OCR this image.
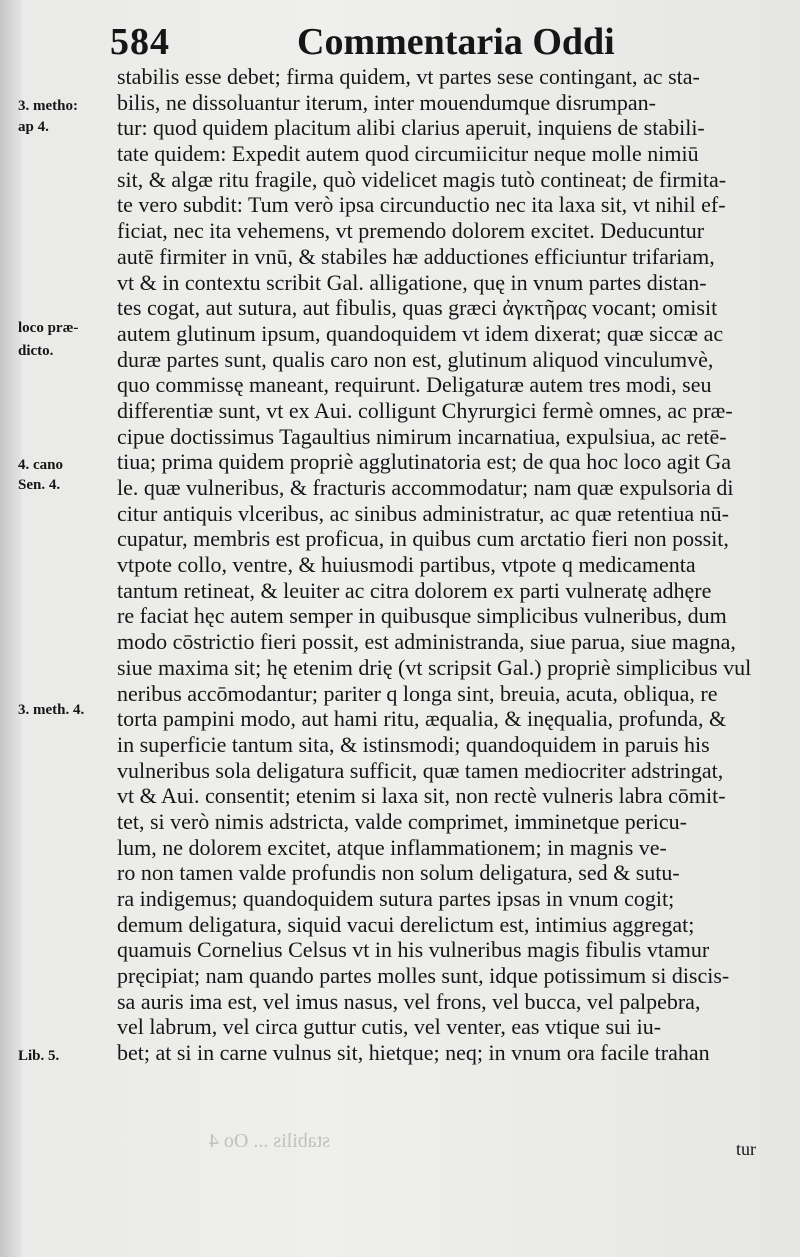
584	Commentaria Oddi
3. metho:
ap 4.
loco præ-
dicto.
4. cano
Sen. 4.
3. meth. 4.
Lib. 5.
stabilis esse debet; firma quidem, vt partes sese contingant, ac sta-
bilis, ne dissoluantur iterum, inter mouendumque disrumpan-
tur: quod quidem placitum alibi clarius aperuit, inquiens de stabili-
tate quidem: Expedit autem quod circumiicitur neque molle nimiū
sit, & algæ ritu fragile, quò videlicet magis tutò contineat; de firmita-
te vero subdit: Tum verò ipsa circunductio nec ita laxa sit, vt nihil ef-
ficiat, nec ita vehemens, vt premendo dolorem excitet. Deducuntur
autē firmiter in vnū, & stabiles hæ adductiones efficiuntur trifariam,
vt & in contextu scribit Gal. alligatione, quę in vnum partes distan-
tes cogat, aut sutura, aut fibulis, quas græci ἀγκτῆρας vocant; omisit
autem glutinum ipsum, quandoquidem vt idem dixerat; quæ siccæ ac
duræ partes sunt, qualis caro non est, glutinum aliquod vinculumvè,
quo commissę maneant, requirunt. Deligaturæ autem tres modi, seu
differentiæ sunt, vt ex Aui. colligunt Chyrurgici fermè omnes, ac præ-
cipue doctissimus Tagaultius nimirum incarnatiua, expulsiua, ac retē-
tiua; prima quidem propriè agglutinatoria est; de qua hoc loco agit Ga
le. quæ vulneribus, & fracturis accommodatur; nam quæ expulsoria di
citur antiquis vlceribus, ac sinibus administratur, ac quæ retentiua nū-
cupatur, membris est proficua, in quibus cum arctatio fieri non possit,
vtpote collo, ventre, & huiusmodi partibus, vtpote q medicamenta
tantum retineat, & leuiter ac citra dolorem ex parti vulneratę adhęre
re faciat hęc autem semper in quibusque simplicibus vulneribus, dum
modo cōstrictio fieri possit, est administranda, siue parua, siue magna,
siue maxima sit; hę etenim drię (vt scripsit Gal.) propriè simplicibus vul
neribus accōmodantur; pariter q longa sint, breuia, acuta, obliqua, re
torta pampini modo, aut hami ritu, æqualia, & inęqualia, profunda, &
in superficie tantum sita, & istinsmodi; quandoquidem in paruis his
vulneribus sola deligatura sufficit, quæ tamen mediocriter adstringat,
vt & Aui. consentit; etenim si laxa sit, non rectè vulneris labra cōmit-
tet, si verò nimis adstricta, valde comprimet, imminetque pericu-
lum, ne dolorem excitet, atque inflammationem; in magnis ve-
ro non tamen valde profundis non solum deligatura, sed & sutu-
ra indigemus; quandoquidem sutura partes ipsas in vnum cogit;
demum deligatura, siquid vacui derelictum est, intimius aggregat;
quamuis Cornelius Celsus vt in his vulneribus magis fibulis vtamur
pręcipiat; nam quando partes molles sunt, idque potissimum si discis-
sa auris ima est, vel imus nasus, vel frons, vel bucca, vel palpebra,
vel labrum, vel circa guttur cutis, vel venter, eas vtique sui iu-
bet; at si in carne vulnus sit, hietque; neq; in vnum ora facile trahan
stabilis ... Oo 4	tur
